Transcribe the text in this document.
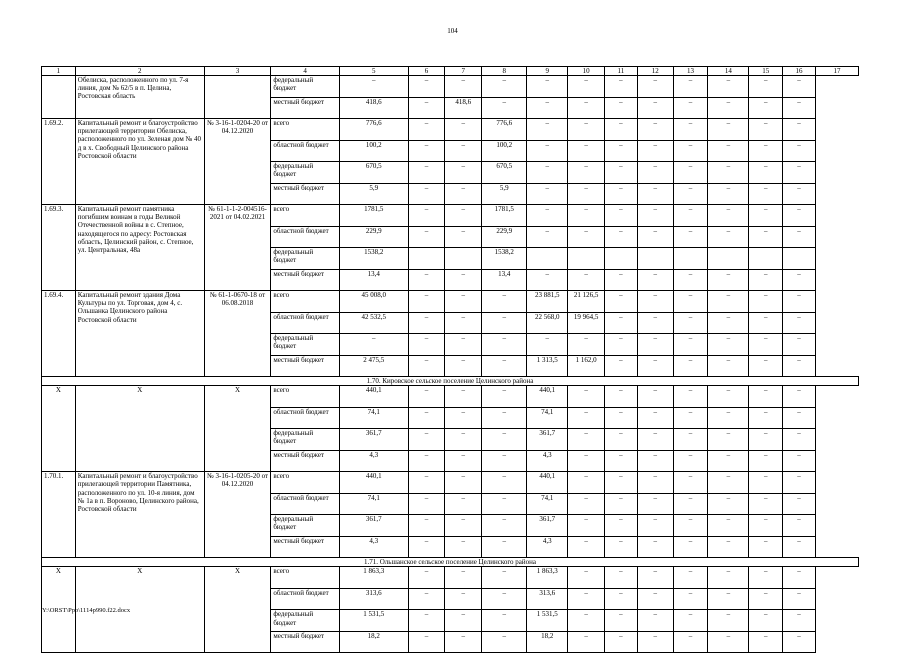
104
1	2	3	4	5	6	7	8	9	10	11	12	13	14	15	16	17
	Обелиска, расположенного по ул. 7-я линия, дом № 62/5 в п. Целина, Ростовская область		федеральный бюджет	–	–	–	–	–	–	–	–	–	–	–	–	
			местный бюджет	418,6	–	418,6	–	–	–	–	–	–	–	–	–	
1.69.2.	Капитальный ремонт и благоустройство прилегающей территории Обелиска, расположенного по ул. Зеленая дом № 40 д в х. Свободный Целинского района Ростовской области	№ 3-16-1-0204-20 от 04.12.2020	всего	776,6	–	–	776,6	–	–	–	–	–	–	–	–	
			областной бюджет	100,2	–	–	100,2	–	–	–	–	–	–	–	–	
			федеральный бюджет	670,5	–	–	670,5	–	–	–	–	–	–	–	–	
			местный бюджет	5,9	–	–	5,9	–	–	–	–	–	–	–	–	
1.69.3.	Капитальный ремонт памятника погибшим воинам в годы Великой Отечественной войны в с. Степное, находящегося по адресу: Ростовская область, Целинский район, с. Степное, ул. Центральная, 48а	№ 61-1-1-2-004516-2021 от 04.02.2021	всего	1781,5	–	–	1781,5	–	–	–	–	–	–	–	–	
			областной бюджет	229,9	–	–	229,9	–	–	–	–	–	–	–	–	
			федеральный бюджет	1538,2			1538,2									
			местный бюджет	13,4	–	–	13,4	–	–	–	–	–	–	–	–	
1.69.4.	Капитальный ремонт здания Дома Культуры по ул. Торговая, дом 4, с. Ольшанка Целинского района Ростовской области	№ 61-1-0670-18 от 06.08.2018	всего	45 008,0	–	–	–	23 881,5	21 126,5	–	–	–	–	–	–	
			областной бюджет	42 532,5	–	–	–	22 568,0	19 964,5	–	–	–	–	–	–	
			федеральный бюджет	–	–	–	–	–	–	–	–	–	–	–	–	
			местный бюджет	2 475,5	–	–	–	1 313,5	1 162,0	–	–	–	–	–	–	
1.70. Кировское сельское поселение Целинского района																
Х	Х	Х	всего	440,1	–	–	–	440,1	–	–	–	–	–	–	–	
			областной бюджет	74,1	–	–	–	74,1	–	–	–	–	–	–	–	
			федеральный бюджет	361,7	–	–	–	361,7	–	–	–	–	–	–	–	
			местный бюджет	4,3	–	–	–	4,3	–	–	–	–	–	–	–	
1.70.1.	Капитальный ремонт и благоустройство прилегающей территории Памятника, расположенного по ул. 10-я линия, дом № 1а в п. Вороново, Целинского района, Ростовской области	№ 3-16-1-0205-20 от 04.12.2020	всего	440,1	–	–	–	440,1	–	–	–	–	–	–	–	
			областной бюджет	74,1	–	–	–	74,1	–	–	–	–	–	–	–	
			федеральный бюджет	361,7	–	–	–	361,7	–	–	–	–	–	–	–	
			местный бюджет	4,3	–	–	–	4,3	–	–	–	–	–	–	–	
1.71. Ольшанское сельское поселение Целинского района																
Х	Х	Х	всего	1 863,3	–	–	–	1 863,3	–	–	–	–	–	–	–	
			областной бюджет	313,6	–	–	–	313,6	–	–	–	–	–	–	–	
			федеральный бюджет	1 531,5	–	–	–	1 531,5	–	–	–	–	–	–	–	
			местный бюджет	18,2	–	–	–	18,2	–	–	–	–	–	–	–	
Y:\ORST\Ppo\1114p990.f22.docx
